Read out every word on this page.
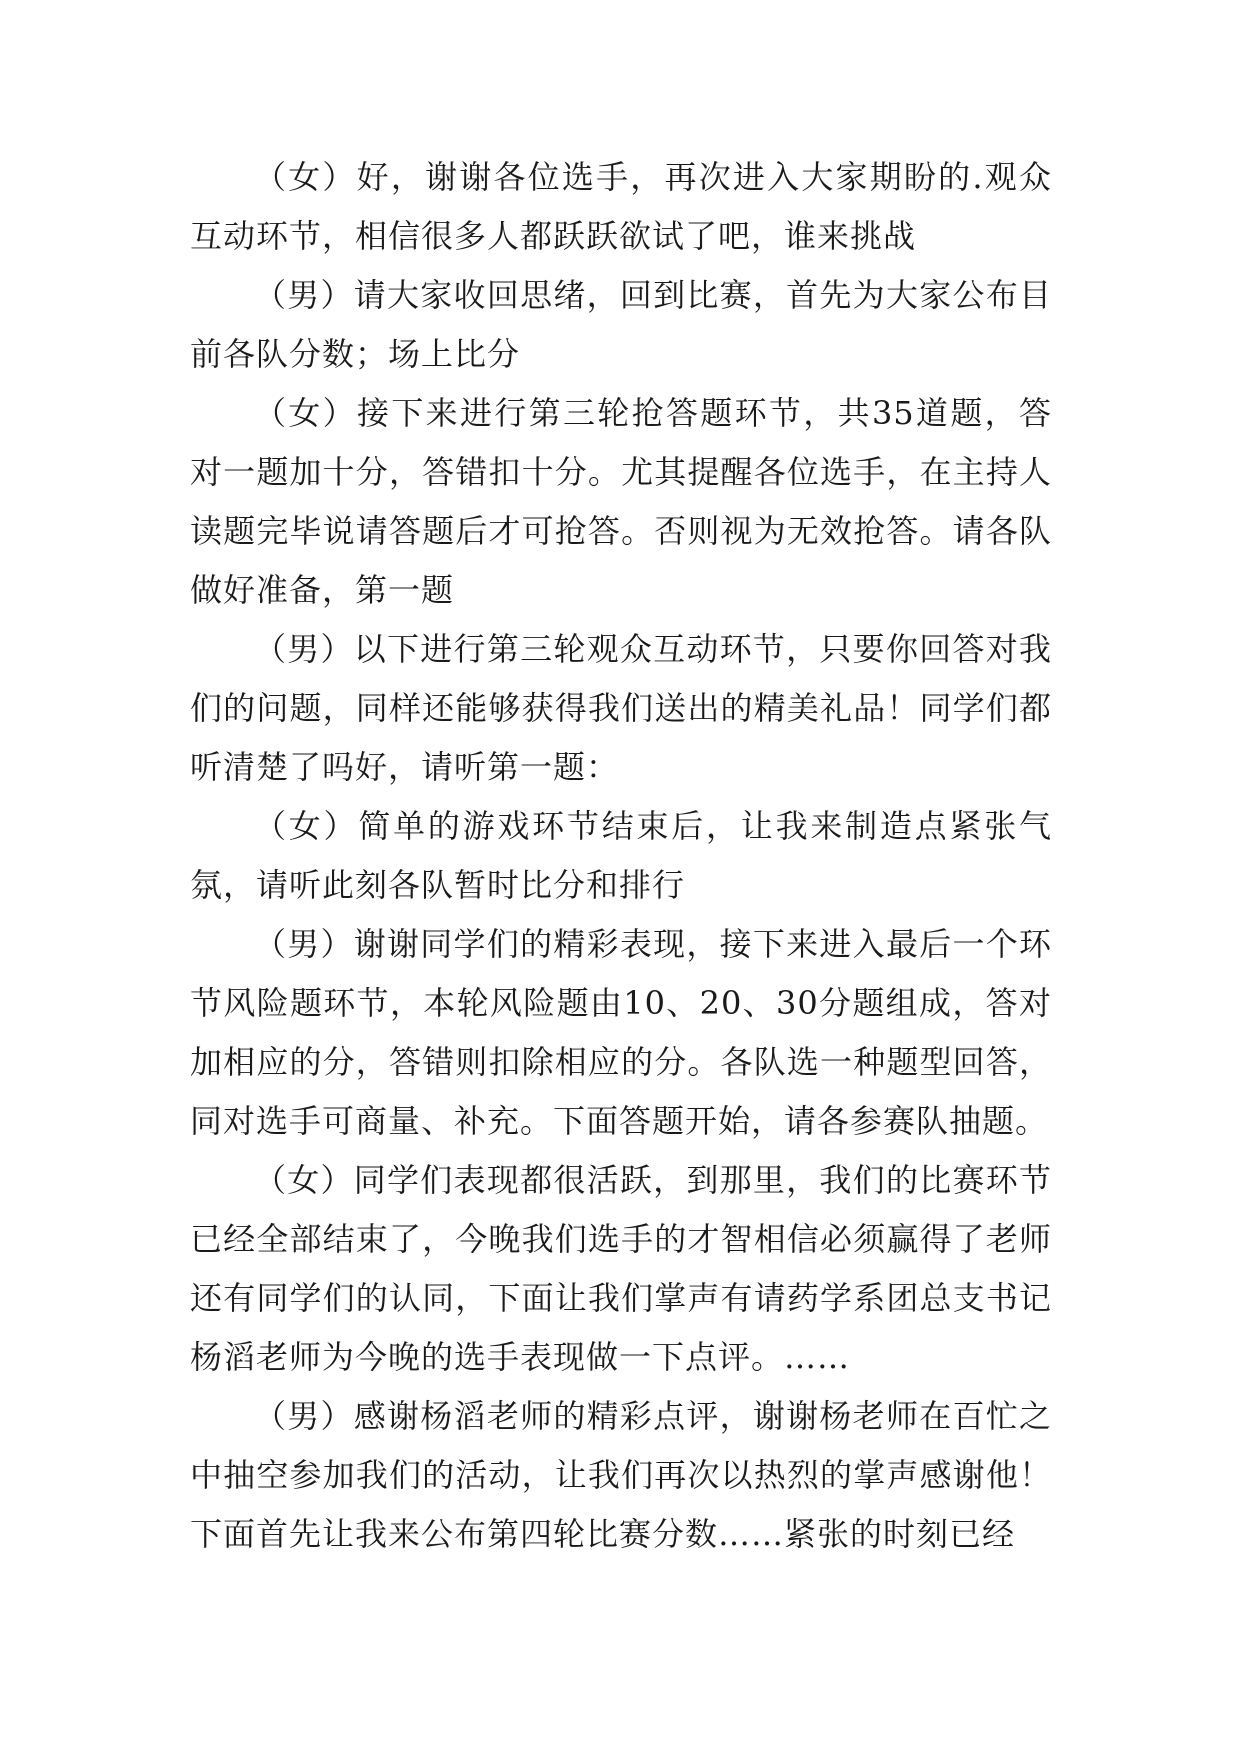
（女）好，谢谢各位选手，再次进入大家期盼的.观众互动环节，相信很多人都跃跃欲试了吧，谁来挑战

（男）请大家收回思绪，回到比赛，首先为大家公布目前各队分数；场上比分

（女）接下来进行第三轮抢答题环节，共35道题，答对一题加十分，答错扣十分。尤其提醒各位选手，在主持人读题完毕说请答题后才可抢答。否则视为无效抢答。请各队做好准备，第一题

（男）以下进行第三轮观众互动环节，只要你回答对我们的问题，同样还能够获得我们送出的精美礼品！同学们都听清楚了吗好，请听第一题：

（女）简单的游戏环节结束后，让我来制造点紧张气氛，请听此刻各队暂时比分和排行

（男）谢谢同学们的精彩表现，接下来进入最后一个环节风险题环节，本轮风险题由10、20、30分题组成，答对加相应的分，答错则扣除相应的分。各队选一种题型回答，同对选手可商量、补充。下面答题开始，请各参赛队抽题。

（女）同学们表现都很活跃，到那里，我们的比赛环节已经全部结束了，今晚我们选手的才智相信必须赢得了老师还有同学们的认同，下面让我们掌声有请药学系团总支书记杨滔老师为今晚的选手表现做一下点评。……

（男）感谢杨滔老师的精彩点评，谢谢杨老师在百忙之中抽空参加我们的活动，让我们再次以热烈的掌声感谢他！下面首先让我来公布第四轮比赛分数……紧张的时刻已经
